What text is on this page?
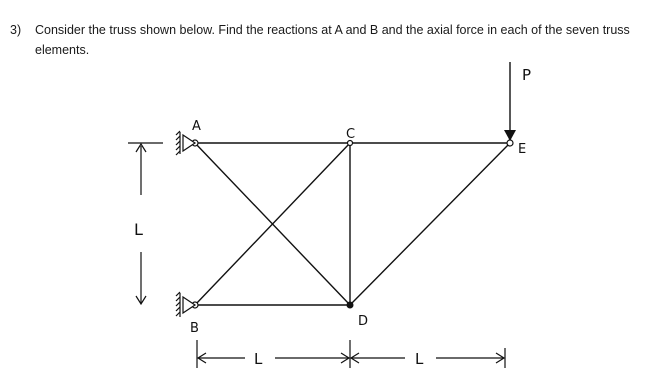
3) Consider the truss shown below. Find the reactions at A and B and the axial force in each of the seven truss elements.
P
A
C
E
B	D
L
L	L
